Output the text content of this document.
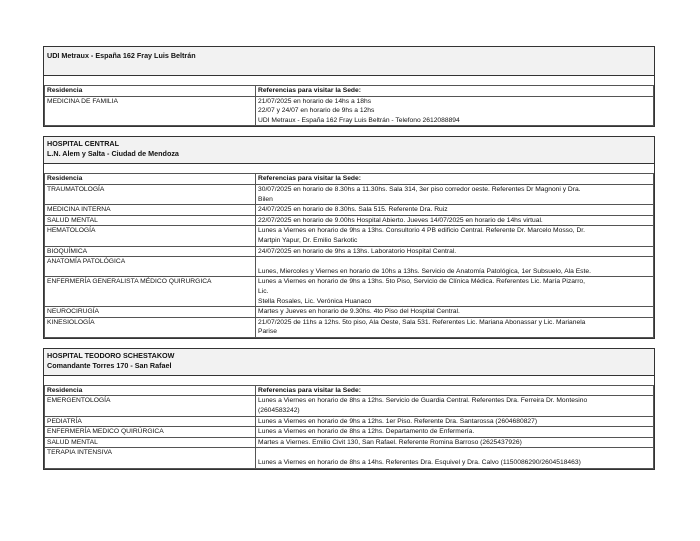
UDI Metraux - España 162 Fray Luis Beltrán
Residencia	Referencias para visitar la Sede:
MEDICINA DE FAMILIA	21/07/2025 en horario de 14hs a 18hs
22/07 y 24/07 en horario de 9hs a 12hs
UDI Metraux - España 162 Fray Luis Beltrán - Telefono 2612088894
HOSPITAL CENTRAL
L.N. Alem y Salta - Ciudad de Mendoza
Residencia	Referencias para visitar la Sede:
TRAUMATOLOGÍA	30/07/2025 en horario de 8.30hs a 11.30hs. Sala 314, 3er piso corredor oeste. Referentes Dr Magnoni y Dra.
Bilen

MEDICINA INTERNA	24/07/2025 en horario de 8.30hs. Sala 515. Referente Dra. Ruiz

SALUD MENTAL	22/07/2025 en horario de 9.00hs Hospital Abierto. Jueves 14/07/2025 en horario de 14hs virtual.

HEMATOLOGÍA	Lunes a Viernes en horario de 9hs a 13hs. Consultorio 4 PB edificio Central. Referente Dr. Marcelo Mosso, Dr.
Martpin Yapur, Dr. Emilio Sarkotic

BIOQUÍMICA	24/07/2025 en horario de 9hs a 13hs. Laboratorio Hospital Central.

ANATOMÍA PATOLÓGICA	Lunes, Miercoles y Viernes en horario de 10hs a 13hs. Servicio de Anatomía Patológica, 1er Subsuelo, Ala Este.

ENFERMERÍA GENERALISTA MÉDICO QUIRURGICA	Lunes a Viernes en horario de 9hs a 13hs. 5to Piso, Servicio de Clínica Médica. Referentes Lic. María Pizarro,
Lic.
Stella Rosales, Lic. Verónica Huanaco

NEUROCIRUGÍA	Martes y Jueves en horario de 9.30hs. 4to Piso del Hospital Central.

KINESIOLOGÍA	21/07/2025 de 11hs a 12hs. 5to piso, Ala Oeste, Sala 531. Referentes Lic. Mariana Abonassar y Lic. Marianela
Parise
HOSPITAL TEODORO SCHESTAKOW
Comandante Torres 170 - San Rafael
Residencia	Referencias para visitar la Sede:
EMERGENTOLOGÍA	Lunes a Viernes en horario de 8hs a 12hs. Servicio de Guardia Central. Referentes Dra. Ferreira Dr. Montesino
(2604583242)

PEDIATRÍA	Lunes a Viernes en horario de 9hs a 12hs. 1er Piso. Referente Dra. Santarossa (2604680827)

ENFERMERÍA MEDICO QUIRÚRGICA	Lunes a Viernes en horario de 8hs a 12hs. Departamento de Enfermería.

SALUD MENTAL	Martes a Viernes. Emilio Civit 130, San Rafael. Referente Romina Barroso (2625437926)

TERAPIA INTENSIVA	Lunes a Viernes en horario de 8hs a 14hs. Referentes Dra. Esquivel y Dra. Calvo (1150086290/2604518463)
